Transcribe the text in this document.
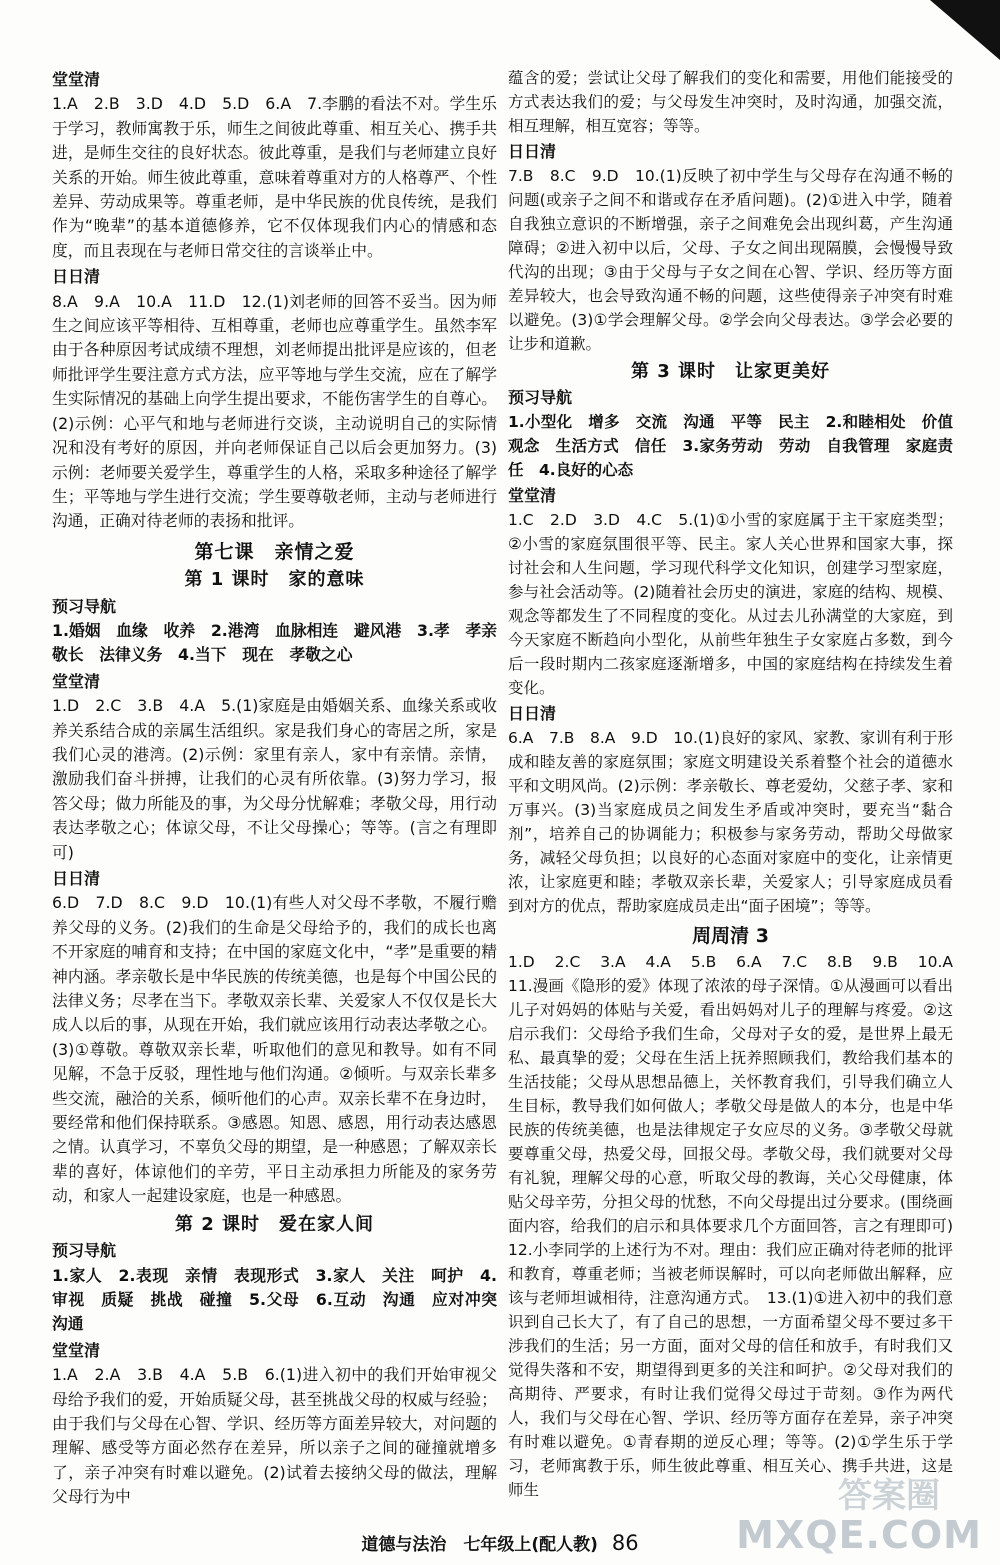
堂堂清

1.A　2.B　3.D　4.D　5.D　6.A　7.李鹏的看法不对。学生乐于学习，教师寓教于乐，师生之间彼此尊重、相互关心、携手共进，是师生交往的良好状态。彼此尊重，是我们与老师建立良好关系的开始。师生彼此尊重，意味着尊重对方的人格尊严、个性差异、劳动成果等。尊重老师，是中华民族的优良传统，是我们作为“晚辈”的基本道德修养，它不仅体现我们内心的情感和态度，而且表现在与老师日常交往的言谈举止中。

日日清

8.A　9.A　10.A　11.D　12.(1)刘老师的回答不妥当。因为师生之间应该平等相待、互相尊重，老师也应尊重学生。虽然李军由于各种原因考试成绩不理想，刘老师提出批评是应该的，但老师批评学生要注意方式方法，应平等地与学生交流，应在了解学生实际情况的基础上向学生提出要求，不能伤害学生的自尊心。(2)示例：心平气和地与老师进行交谈，主动说明自己的实际情况和没有考好的原因，并向老师保证自己以后会更加努力。(3)示例：老师要关爱学生，尊重学生的人格，采取多种途径了解学生；平等地与学生进行交流；学生要尊敬老师，主动与老师进行沟通，正确对待老师的表扬和批评。

第七课　亲情之爱

第 1 课时　家的意味

预习导航

1.婚姻　血缘　收养　2.港湾　血脉相连　避风港　3.孝　孝亲敬长　法律义务　4.当下　现在　孝敬之心

堂堂清

1.D　2.C　3.B　4.A　5.(1)家庭是由婚姻关系、血缘关系或收养关系结合成的亲属生活组织。家是我们身心的寄居之所，家是我们心灵的港湾。(2)示例：家里有亲人，家中有亲情。亲情，激励我们奋斗拼搏，让我们的心灵有所依靠。(3)努力学习，报答父母；做力所能及的事，为父母分忧解难；孝敬父母，用行动表达孝敬之心；体谅父母，不让父母操心；等等。(言之有理即可)

日日清

6.D　7.D　8.C　9.D　10.(1)有些人对父母不孝敬，不履行赡养父母的义务。(2)我们的生命是父母给予的，我们的成长也离不开家庭的哺育和支持；在中国的家庭文化中，“孝”是重要的精神内涵。孝亲敬长是中华民族的传统美德，也是每个中国公民的法律义务；尽孝在当下。孝敬双亲长辈、关爱家人不仅仅是长大成人以后的事，从现在开始，我们就应该用行动表达孝敬之心。(3)①尊敬。尊敬双亲长辈，听取他们的意见和教导。如有不同见解，不急于反驳，理性地与他们沟通。②倾听。与双亲长辈多些交流，融洽的关系，倾听他们的心声。双亲长辈不在身边时，要经常和他们保持联系。③感恩。知恩、感恩，用行动表达感恩之情。认真学习，不辜负父母的期望，是一种感恩；了解双亲长辈的喜好，体谅他们的辛劳，平日主动承担力所能及的家务劳动，和家人一起建设家庭，也是一种感恩。

第 2 课时　爱在家人间

预习导航

1.家人　2.表现　亲情　表现形式　3.家人　关注　呵护　4.审视　质疑　挑战　碰撞　5.父母　6.互动　沟通　应对冲突　沟通

堂堂清

1.A　2.A　3.B　4.A　5.B　6.(1)进入初中的我们开始审视父母给予我们的爱，开始质疑父母，甚至挑战父母的权威与经验；由于我们与父母在心智、学识、经历等方面差异较大，对问题的理解、感受等方面必然存在差异，所以亲子之间的碰撞就增多了，亲子冲突有时难以避免。(2)试着去接纳父母的做法，理解父母行为中

蕴含的爱；尝试让父母了解我们的变化和需要，用他们能接受的方式表达我们的爱；与父母发生冲突时，及时沟通，加强交流，相互理解，相互宽容；等等。

日日清

7.B　8.C　9.D　10.(1)反映了初中学生与父母存在沟通不畅的问题(或亲子之间不和谐或存在矛盾问题)。(2)①进入中学，随着自我独立意识的不断增强，亲子之间难免会出现纠葛，产生沟通障碍；②进入初中以后，父母、子女之间出现隔膜，会慢慢导致代沟的出现；③由于父母与子女之间在心智、学识、经历等方面差异较大，也会导致沟通不畅的问题，这些使得亲子冲突有时难以避免。(3)①学会理解父母。②学会向父母表达。③学会必要的让步和道歉。

第 3 课时　让家更美好

预习导航

1.小型化　增多　交流　沟通　平等　民主　2.和睦相处　价值观念　生活方式　信任　3.家务劳动　劳动　自我管理　家庭责任　4.良好的心态

堂堂清

1.C　2.D　3.D　4.C　5.(1)①小雪的家庭属于主干家庭类型；②小雪的家庭氛围很平等、民主。家人关心世界和国家大事，探讨社会和人生问题，学习现代科学文化知识，创建学习型家庭，参与社会活动等。(2)随着社会历史的演进，家庭的结构、规模、观念等都发生了不同程度的变化。从过去儿孙满堂的大家庭，到今天家庭不断趋向小型化，从前些年独生子女家庭占多数，到今后一段时期内二孩家庭逐渐增多，中国的家庭结构在持续发生着变化。

日日清

6.A　7.B　8.A　9.D　10.(1)良好的家风、家教、家训有利于形成和睦友善的家庭氛围；家庭文明建设关系着整个社会的道德水平和文明风尚。(2)示例：孝亲敬长、尊老爱幼，父慈子孝、家和万事兴。(3)当家庭成员之间发生矛盾或冲突时，要充当“黏合剂”，培养自己的协调能力；积极参与家务劳动，帮助父母做家务，减轻父母负担；以良好的心态面对家庭中的变化，让亲情更浓，让家庭更和睦；孝敬双亲长辈，关爱家人；引导家庭成员看到对方的优点，帮助家庭成员走出“面子困境”；等等。

周周清 3

1.D　2.C　3.A　4.A　5.B　6.A　7.C　8.B　9.B　10.A　11.漫画《隐形的爱》体现了浓浓的母子深情。①从漫画可以看出儿子对妈妈的体贴与关爱，看出妈妈对儿子的理解与疼爱。②这启示我们：父母给予我们生命，父母对子女的爱，是世界上最无私、最真挚的爱；父母在生活上抚养照顾我们，教给我们基本的生活技能；父母从思想品德上，关怀教育我们，引导我们确立人生目标，教导我们如何做人；孝敬父母是做人的本分，也是中华民族的传统美德，也是法律规定子女应尽的义务。③孝敬父母就要尊重父母，热爱父母，回报父母。孝敬父母，我们就要对父母有礼貌，理解父母的心意，听取父母的教诲，关心父母健康，体贴父母辛劳，分担父母的忧愁，不向父母提出过分要求。(围绕画面内容，给我们的启示和具体要求几个方面回答，言之有理即可)　12.小李同学的上述行为不对。理由：我们应正确对待老师的批评和教育，尊重老师；当被老师误解时，可以向老师做出解释，应该与老师坦诚相待，注意沟通方式。　13.(1)①进入初中的我们意识到自己长大了，有了自己的思想，一方面希望父母不要过多干涉我们的生活；另一方面，面对父母的信任和放手，有时我们又觉得失落和不安，期望得到更多的关注和呵护。②父母对我们的高期待、严要求，有时让我们觉得父母过于苛刻。③作为两代人，我们与父母在心智、学识、经历等方面存在差异，亲子冲突有时难以避免。①青春期的逆反心理；等等。(2)①学生乐于学习，老师寓教于乐，师生彼此尊重、相互关心、携手共进，这是师生

道德与法治　七年级上(配人教) 86
答案圈
MXQE.COM
